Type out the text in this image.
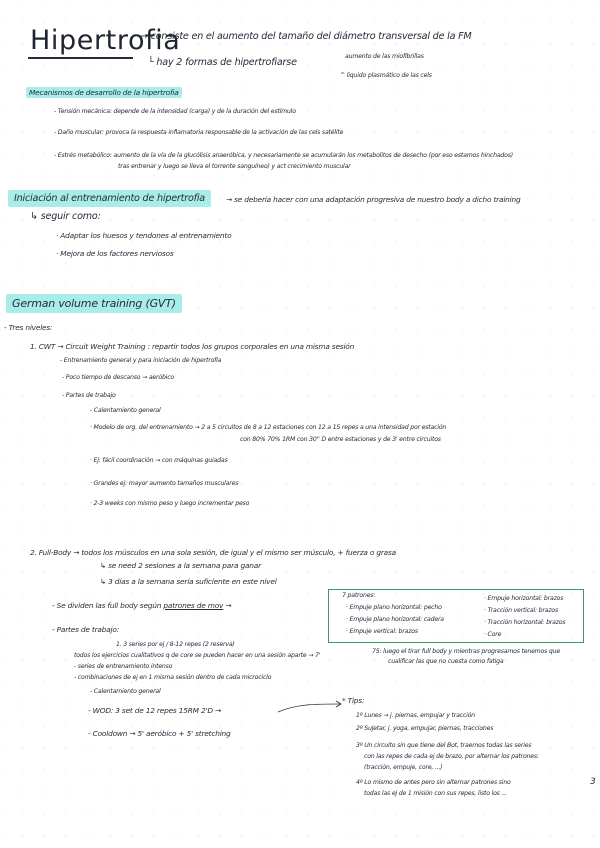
Hipertrofia
→ consiste en el aumento del tamaño del diámetro transversal de la FM
└ hay 2 formas de hipertrofiarse
aumento de las miofibrillas
^ liquido plasmático de las cels
Mecanismos de desarrollo de la hipertrofia
- Tensión mecánica: depende de la intensidad (carga) y de la duración del estímulo
- Daño muscular: provoca la respuesta inflamatoria responsable de la activación de las cels satélite
- Estrés metabólico: aumento de la vía de la glucólisis anaeróbica, y necesariamente se acumularán los metabolitos de desecho (por eso estamos hinchados)
tras entrenar y luego se lleva el torrente sanguíneo) y act crecimiento muscular
Iniciación al entrenamiento de hipertrofia	→ se debería hacer con una adaptación progresiva de nuestro body a dicho training
↳ seguir como:
· Adaptar los huesos y tendones al entrenamiento
· Mejora de los factores nerviosos
German volume training (GVT)
- Tres niveles:
1. CWT → Circuit Weight Training : repartir todos los grupos corporales en una misma sesión
- Entrenamiento general y para iniciación de hipertrofia
- Poco tiempo de descanso → aeróbico
- Partes de trabajo
- Calentamiento general
· Modelo de org. del entrenamiento → 2 a 5 circuitos de 8 a 12 estaciones con 12 a 15 repes a una intensidad por estación
con 80% 70% 1RM con 30'' D entre estaciones y de 3' entre circuitos
· Ej: fácil coordinación → con máquinas guiadas
· Grandes ej: mayor aumento tamaños musculares
· 2-3 weeks con mismo peso y luego incrementar peso
2. Full-Body → todos los músculos en una sola sesión, de igual y el mismo ser músculo, + fuerza o grasa
↳ se need 2 sesiones a la semana para ganar
↳ 3 días a la semana sería suficiente en este nivel
- Se dividen las full body según patrones de mov →
7 patrones:
· Empuje plano horizontal: pecho
· Empuje plano horizontal: cadera
· Empuje vertical: brazos
· Empuje horizontal: brazos
· Tracción vertical: brazos
· Tracción horizontal: brazos
· Core
- Partes de trabajo:
1. 3 series por ej / 8-12 repes (2 reserva)
todos los ejercicios cualitativos q de core se pueden hacer en una sesión aparte → 7'
- series de entrenamiento intenso
- combinaciones de ej en 1 misma sesión dentro de cada microciclo
- Calentamiento general
- WOD: 3 set de 12 repes 15RM 2'D →
- Cooldown → 5' aeróbico + 5' stretching
75: luego el tirar full body y mientras progresamos tenemos que
cualificar las que no cuesta como fatiga
* Tips:
1º Lunes → j. piernas, empujar y tracción
2º Sujetar, j. yoga, empujar, piernas, tracciones
3º Un circuito sin que tiene del Bot, traemos todas las series
con las repes de cada ej de brazo, por alternar los patrones:
(tracción, empuje, core, ...)
4º Lo mismo de antes pero sin alternar patrones sino
todas las ej de 1 misión con sus repes, listo los ...
3
